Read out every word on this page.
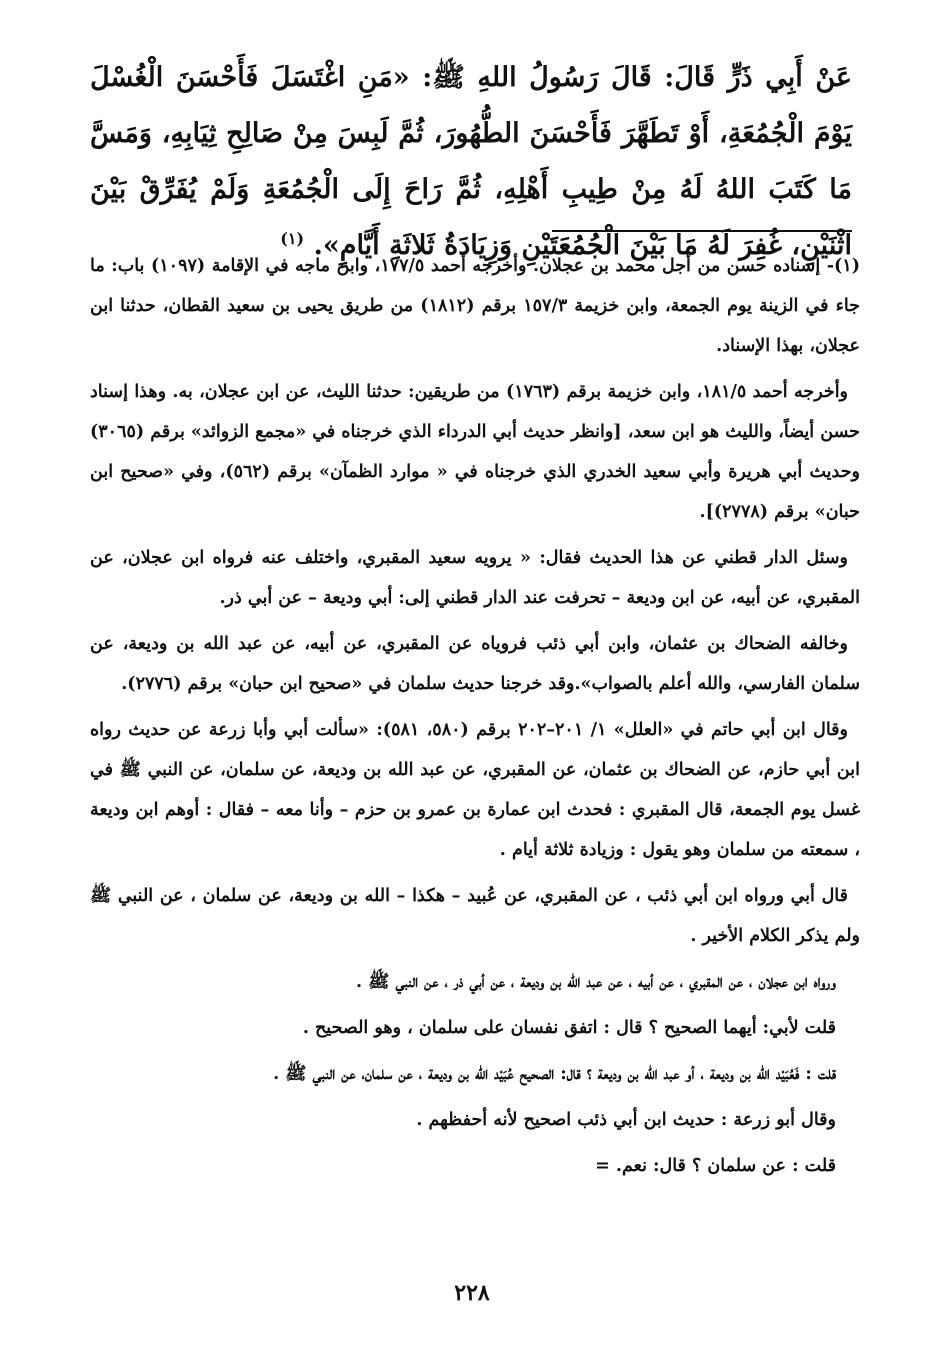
عَنْ أَبِي ذَرٍّ قَالَ: قَالَ رَسُولُ اللهِ ﷺ: «مَنِ اغْتَسَلَ فَأَحْسَنَ الْغُسْلَ يَوْمَ الْجُمُعَةِ، أَوْ تَطَهَّرَ فَأَحْسَنَ الطُّهُورَ، ثُمَّ لَبِسَ مِنْ صَالِحِ ثِيَابِهِ، وَمَسَّ مَا كَتَبَ اللهُ لَهُ مِنْ طِيبِ أَهْلِهِ، ثُمَّ رَاحَ إِلَى الْجُمُعَةِ وَلَمْ يُفَرِّقْ بَيْنَ اثْنَيْنِ، غُفِرَ لَهُ مَا بَيْنَ الْجُمُعَتَيْنِ وَزِيَادَةُ ثَلاثَةِ أَيَّامٍ». $^{(١)}$

(١)- إسناده حسن من أجل محمد بن عجلان. وأخرجه أحمد ١٧٧/٥، وابن ماجه في الإقامة (١٠٩٧) باب: ما جاء في الزينة يوم الجمعة، وابن خزيمة ١٥٧/٣ برقم (١٨١٢) من طريق يحيى بن سعيد القطان، حدثنا ابن عجلان، بهذا الإسناد.

وأخرجه أحمد ١٨١/٥، وابن خزيمة برقم (١٧٦٣) من طريقين: حدثنا الليث، عن ابن عجلان، به. وهذا إسناد حسن أيضاً، والليث هو ابن سعد، [وانظر حديث أبي الدرداء الذي خرجناه في «مجمع الزوائد» برقم (٣٠٦٥) وحديث أبي هريرة وأبي سعيد الخدري الذي خرجناه في « موارد الظمآن» برقم (٥٦٢)، وفي «صحيح ابن حبان» برقم (٢٧٧٨)].

وسئل الدار قطني عن هذا الحديث فقال: « يرويه سعيد المقبري، واختلف عنه فرواه ابن عجلان، عن المقبري، عن أبيه، عن ابن وديعة – تحرفت عند الدار قطني إلى: أبي وديعة – عن أبي ذر.

وخالفه الضحاك بن عثمان، وابن أبي ذئب فروياه عن المقبري، عن أبيه، عن عبد الله بن وديعة، عن سلمان الفارسي، والله أعلم بالصواب».وقد خرجنا حديث سلمان في «صحيح ابن حبان» برقم (٢٧٧٦).

وقال ابن أبي حاتم في «العلل» ١/ ٢٠١–٢٠٢ برقم (٥٨٠، ٥٨١): «سألت أبي وأبا زرعة عن حديث رواه ابن أبي حازم، عن الضحاك بن عثمان، عن المقبري، عن عبد الله بن وديعة، عن سلمان، عن النبي ﷺ في غسل يوم الجمعة، قال المقبري : فحدث ابن عمارة بن عمرو بن حزم – وأنا معه – فقال : أوهم ابن وديعة ، سمعته من سلمان وهو يقول : وزيادة ثلاثة أيام .

قال أبي ورواه ابن أبي ذئب ، عن المقبري، عن عُبيد – هكذا – الله بن وديعة، عن سلمان ، عن النبي ﷺ ولم يذكر الكلام الأخير .

ورواه ابن عجلان ، عن المقبري ، عن أبيه ، عن عبد الله بن وديعة ، عن أبي ذر ، عن النبي ﷺ .

قلت لأبي: أيهما الصحيح ؟ قال : اتفق نفسان على سلمان ، وهو الصحيح .

قلت : فَعُبَيْد الله بن وديعة ، أو عبد الله بن وديعة ؟ قال: الصحيح عُبَيْد الله بن وديعة ، عن سلمان، عن النبي ﷺ .

وقال أبو زرعة : حديث ابن أبي ذئب اصحيح لأنه أحفظهم .

قلت : عن سلمان ؟ قال: نعم. =

٢٢٨
